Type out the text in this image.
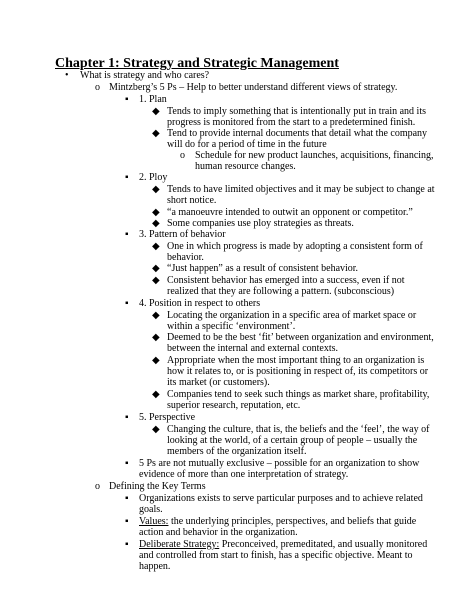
Chapter 1: Strategy and Strategic Management
• What is strategy and who cares?
o Mintzberg’s 5 Ps – Help to better understand different views of strategy.
▪ 1. Plan
◆ Tends to imply something that is intentionally put in train and its
progress is monitored from the start to a predetermined finish.
◆ Tend to provide internal documents that detail what the company
will do for a period of time in the future
o Schedule for new product launches, acquisitions, financing,
human resource changes.
▪ 2. Ploy
◆ Tends to have limited objectives and it may be subject to change at
short notice.
◆ “a manoeuvre intended to outwit an opponent or competitor.”
◆ Some companies use ploy strategies as threats.
▪ 3. Pattern of behavior
◆ One in which progress is made by adopting a consistent form of
behavior.
◆ “Just happen” as a result of consistent behavior.
◆ Consistent behavior has emerged into a success, even if not
realized that they are following a pattern. (subconscious)
▪ 4. Position in respect to others
◆ Locating the organization in a specific area of market space or
within a specific ‘environment’.
◆ Deemed to be the best ‘fit’ between organization and environment,
between the internal and external contexts.
◆ Appropriate when the most important thing to an organization is
how it relates to, or is positioning in respect of, its competitors or
its market (or customers).
◆ Companies tend to seek such things as market share, profitability,
superior research, reputation, etc.
▪ 5. Perspective
◆ Changing the culture, that is, the beliefs and the ‘feel’, the way of
looking at the world, of a certain group of people – usually the
members of the organization itself.
▪ 5 Ps are not mutually exclusive – possible for an organization to show
evidence of more than one interpretation of strategy.
o Defining the Key Terms
▪ Organizations exists to serve particular purposes and to achieve related
goals.
▪ Values: the underlying principles, perspectives, and beliefs that guide
action and behavior in the organization.
▪ Deliberate Strategy: Preconceived, premeditated, and usually monitored
and controlled from start to finish, has a specific objective. Meant to
happen.
